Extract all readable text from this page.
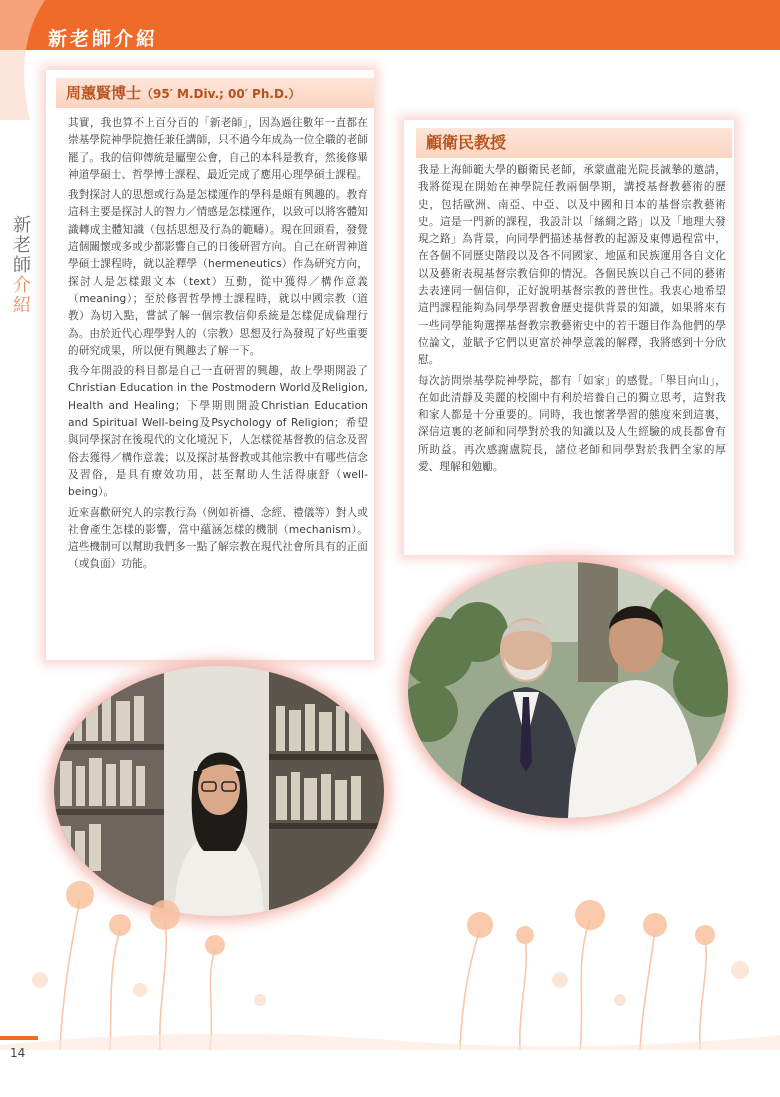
新老師介紹
新老師介紹
周蕙賢博士（95′ M.Div.; 00′ Ph.D.）

其實，我也算不上百分百的「新老師」，因為過往數年一直都在崇基學院神學院擔任兼任講師，只不過今年成為一位全職的老師罷了。我的信仰傳統是屬聖公會，自己的本科是教育，然後修畢神道學碩士、哲學博士課程、最近完成了應用心理學碩士課程。

我對探討人的思想或行為是怎樣運作的學科是頗有興趣的。教育這科主要是探討人的智力／情感是怎樣運作，以致可以將客體知識轉成主體知識（包括思想及行為的範疇）。現在回頭看，發覺這個關懷或多或少都影響自己的日後研習方向。自己在研習神道學碩士課程時，就以詮釋學（hermeneutics）作為研究方向，探討人是怎樣跟文本（text）互動，從中獲得／構作意義（meaning）；至於修習哲學博士課程時，就以中國宗教（道教）為切入點，嘗試了解一個宗教信仰系統是怎樣促成倫理行為。由於近代心理學對人的（宗教）思想及行為發現了好些重要的研究成果，所以便有興趣去了解一下。

我今年開設的科目都是自己一直研習的興趣，故上學期開設了Christian Education in the Postmodern World及Religion, Health and Healing；下學期則開設Christian Education and Spiritual Well-being及Psychology of Religion；希望與同學探討在後現代的文化境況下，人怎樣從基督教的信念及習俗去獲得／構作意義；以及探討基督教或其他宗教中有哪些信念及習俗，是具有療效功用，甚至幫助人生活得康舒（well-being）。

近來喜歡研究人的宗教行為（例如祈禱、念經、禮儀等）對人或社會產生怎樣的影響，當中蘊涵怎樣的機制（mechanism）。這些機制可以幫助我們多一點了解宗教在現代社會所具有的正面（或負面）功能。

顧衛民教授

我是上海師範大學的顧衛民老師，承蒙盧龍光院長誠摯的邀請，我將從現在開始在神學院任教兩個學期，講授基督教藝術的歷史，包括歐洲、南亞、中亞、以及中國和日本的基督宗教藝術史。這是一門新的課程，我設計以「絲綢之路」以及「地理大發現之路」為背景，向同學們描述基督教的起源及東傳過程當中，在各個不同歷史階段以及各不同國家、地區和民族運用各自文化以及藝術表現基督宗教信仰的情況。各個民族以自己不同的藝術去表達同一個信仰，正好說明基督宗教的普世性。我衷心地希望這門課程能夠為同學學習教會歷史提供背景的知識，如果將來有一些同學能夠選擇基督教宗教藝術史中的若干題目作為他們的學位論文，並賦予它們以更富於神學意義的解釋，我將感到十分欣慰。

每次訪問崇基學院神學院，都有「如家」的感覺。「舉目向山」，在如此清靜及美麗的校園中有利於培養自己的獨立思考，這對我和家人都是十分重要的。同時，我也懷著學習的態度來到這裏，深信這裏的老師和同學對於我的知識以及人生經驗的成長都會有所助益。再次感謝盧院長，諸位老師和同學對於我們全家的厚愛、理解和勉勵。

14
